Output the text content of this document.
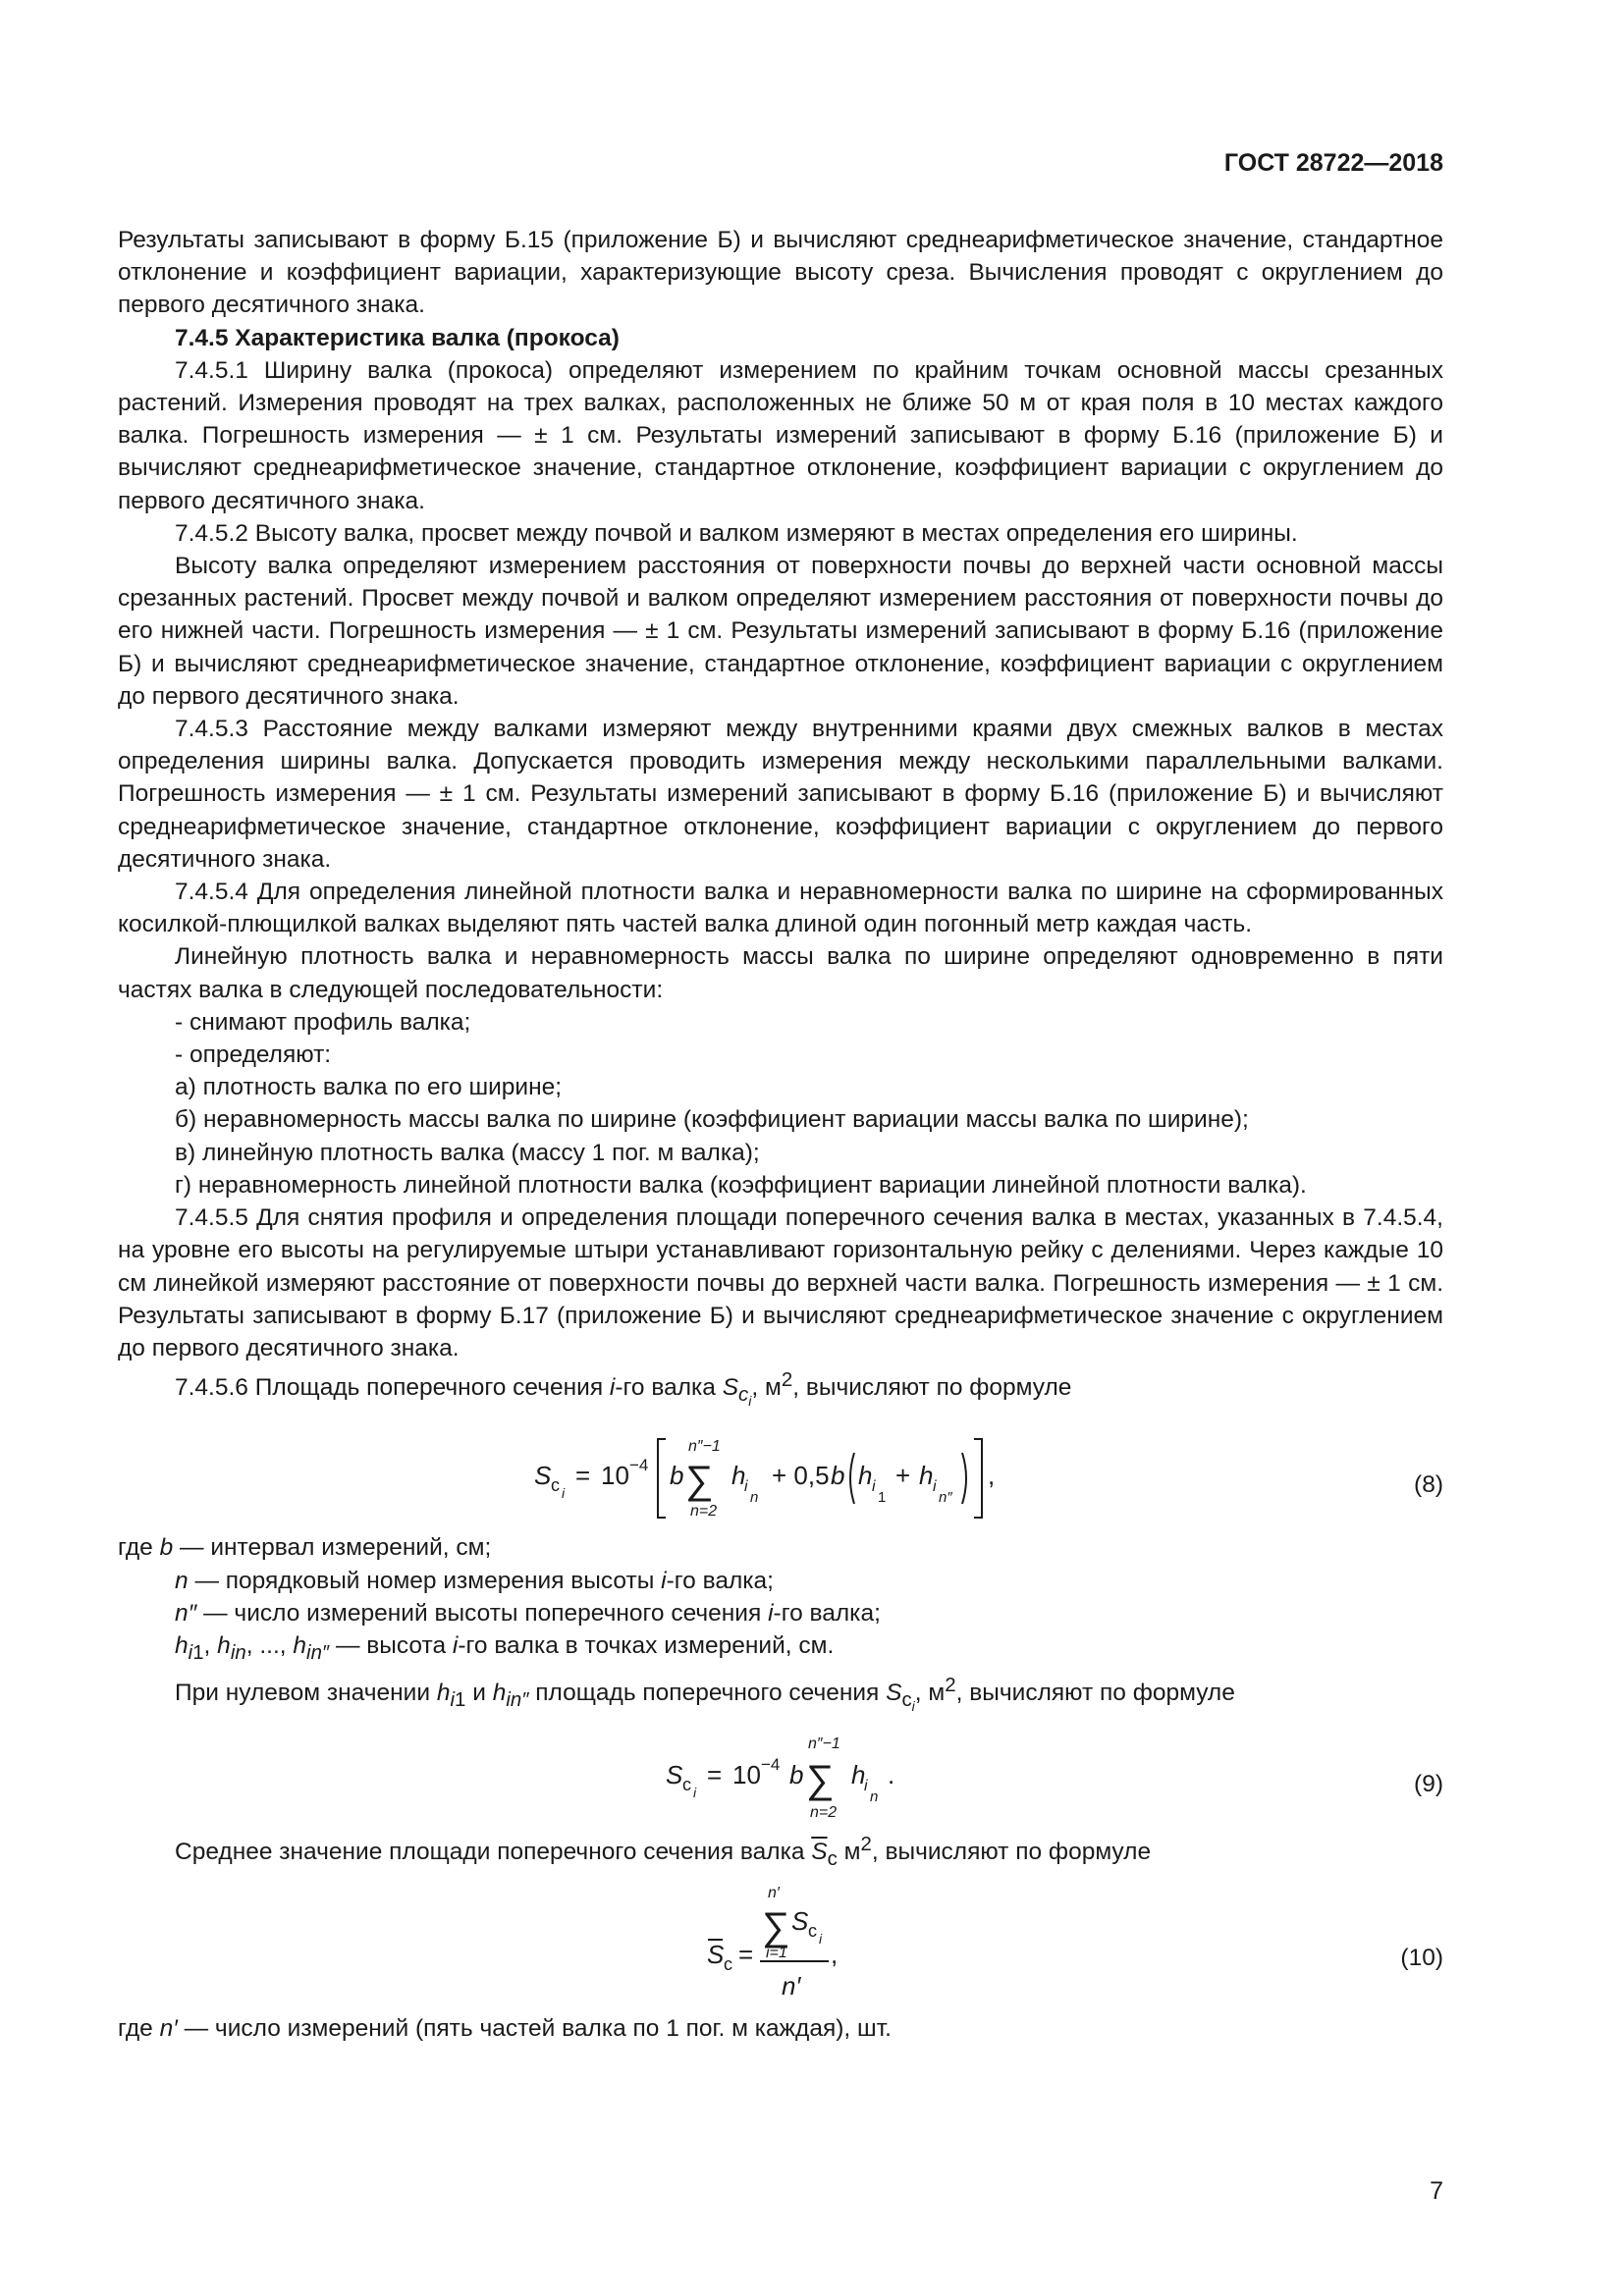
ГОСТ 28722—2018

Результаты записывают в форму Б.15 (приложение Б) и вычисляют среднеарифметическое значение, стандартное отклонение и коэффициент вариации, характеризующие высоту среза. Вычисления проводят с округлением до первого десятичного знака.

7.4.5 Характеристика валка (прокоса)

7.4.5.1 Ширину валка (прокоса) определяют измерением по крайним точкам основной массы срезанных растений. Измерения проводят на трех валках, расположенных не ближе 50 м от края поля в 10 местах каждого валка. Погрешность измерения — ± 1 см. Результаты измерений записывают в форму Б.16 (приложение Б) и вычисляют среднеарифметическое значение, стандартное отклонение, коэффициент вариации с округлением до первого десятичного знака.

7.4.5.2 Высоту валка, просвет между почвой и валком измеряют в местах определения его ширины.

Высоту валка определяют измерением расстояния от поверхности почвы до верхней части основной массы срезанных растений. Просвет между почвой и валком определяют измерением расстояния от поверхности почвы до его нижней части. Погрешность измерения — ± 1 см. Результаты измерений записывают в форму Б.16 (приложение Б) и вычисляют среднеарифметическое значение, стандартное отклонение, коэффициент вариации с округлением до первого десятичного знака.

7.4.5.3 Расстояние между валками измеряют между внутренними краями двух смежных валков в местах определения ширины валка. Допускается проводить измерения между несколькими параллельными валками. Погрешность измерения — ± 1 см. Результаты измерений записывают в форму Б.16 (приложение Б) и вычисляют среднеарифметическое значение, стандартное отклонение, коэффициент вариации с округлением до первого десятичного знака.

7.4.5.4 Для определения линейной плотности валка и неравномерности валка по ширине на сформированных косилкой-плющилкой валках выделяют пять частей валка длиной один погонный метр каждая часть.

Линейную плотность валка и неравномерность массы валка по ширине определяют одновременно в пяти частях валка в следующей последовательности:

- снимают профиль валка;

- определяют:

а) плотность валка по его ширине;

б) неравномерность массы валка по ширине (коэффициент вариации массы валка по ширине);

в) линейную плотность валка (массу 1 пог. м валка);

г) неравномерность линейной плотности валка (коэффициент вариации линейной плотности валка).

7.4.5.5 Для снятия профиля и определения площади поперечного сечения валка в местах, указанных в 7.4.5.4, на уровне его высоты на регулируемые штыри устанавливают горизонтальную рейку с делениями. Через каждые 10 см линейкой измеряют расстояние от поверхности почвы до верхней части валка. Погрешность измерения — ± 1 см. Результаты записывают в форму Б.17 (приложение Б) и вычисляют среднеарифметическое значение с округлением до первого десятичного знака.

7.4.5.6 Площадь поперечного сечения i-го валка $S_{c_i}$, $м^2$, вычисляют по формуле

S c i
= 10 −4 b ∑
n″−1
n=2
h
i
n
+ 0,5 b h i
1
+ h i
n″
,	(8)

где b — интервал измерений, см;

n — порядковый номер измерения высоты i-го валка;

n″ — число измерений высоты поперечного сечения i-го валка;

$h_{i1}$, $h_{in}$, ..., $h_{in''}$ — высота i-го валка в точках измерений, см.

При нулевом значении $h_{i1}$ и $h_{in''}$ площадь поперечного сечения $S_{c_i}$, $м^2$, вычисляют по формуле

S c i
= 10 −4 b ∑
n″−1
n=2
h
i
n
.	(9)

Среднее значение площади поперечного сечения валка $\overline{S}_c$ $м^2$, вычисляют по формуле

S c =
∑
n′
i=1
S c i
n′
,	(10)

где n′ — число измерений (пять частей валка по 1 пог. м каждая), шт.

7
